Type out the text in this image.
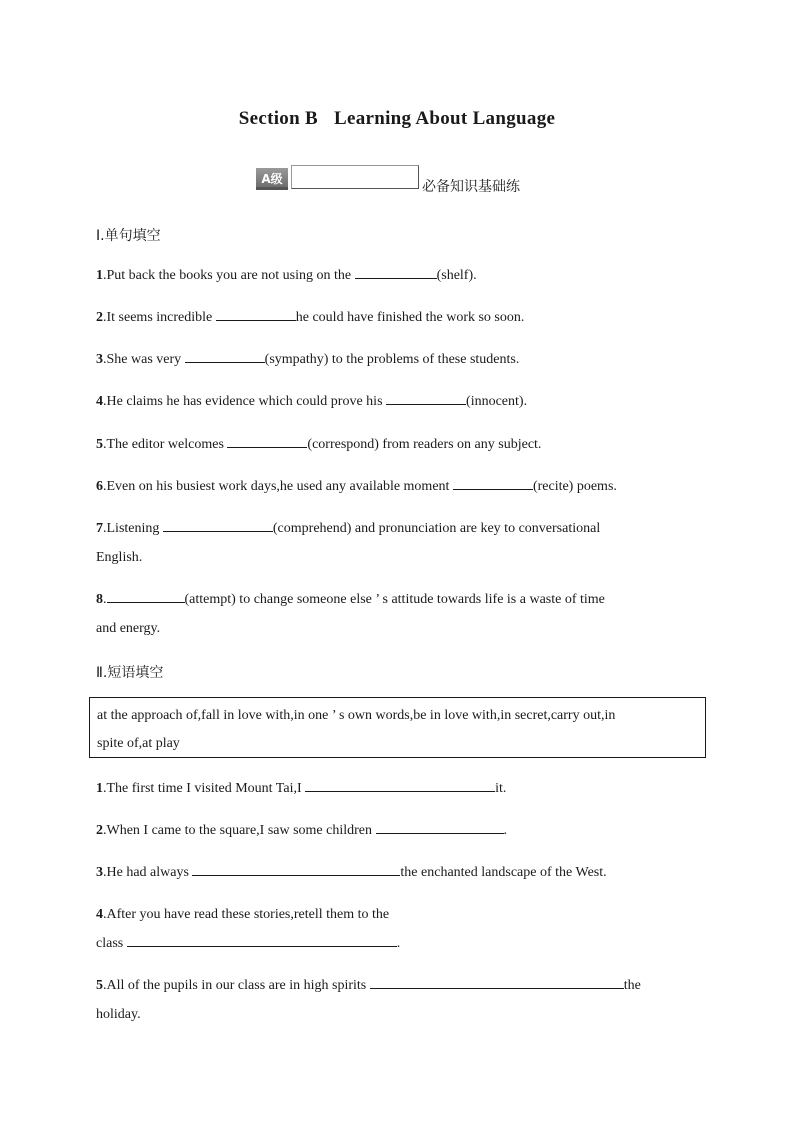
Section B Learning About Language
A级	必备知识基础练
Ⅰ.单句填空
1.Put back the books you are not using on the	(shelf).
2.It seems incredible	he could have finished the work so soon.
3.She was very	(sympathy) to the problems of these students.
4.He claims he has evidence which could prove his	(innocent).
5.The editor welcomes	(correspond) from readers on any subject.
6.Even on his busiest work days,he used any available moment	(recite) poems.
7.Listening	(comprehend) and pronunciation are key to conversational
English.
8.	(attempt) to change someone else ’ s attitude towards life is a waste of time
and energy.
Ⅱ.短语填空
at the approach of,fall in love with,in one ’ s own words,be in love with,in secret,carry out,in
spite of,at play
1.The first time I visited Mount Tai,I	it.
2.When I came to the square,I saw some children	.
3.He had always	the enchanted landscape of the West.
4.After you have read these stories,retell them to the
class	.
5.All of the pupils in our class are in high spirits	the
holiday.
